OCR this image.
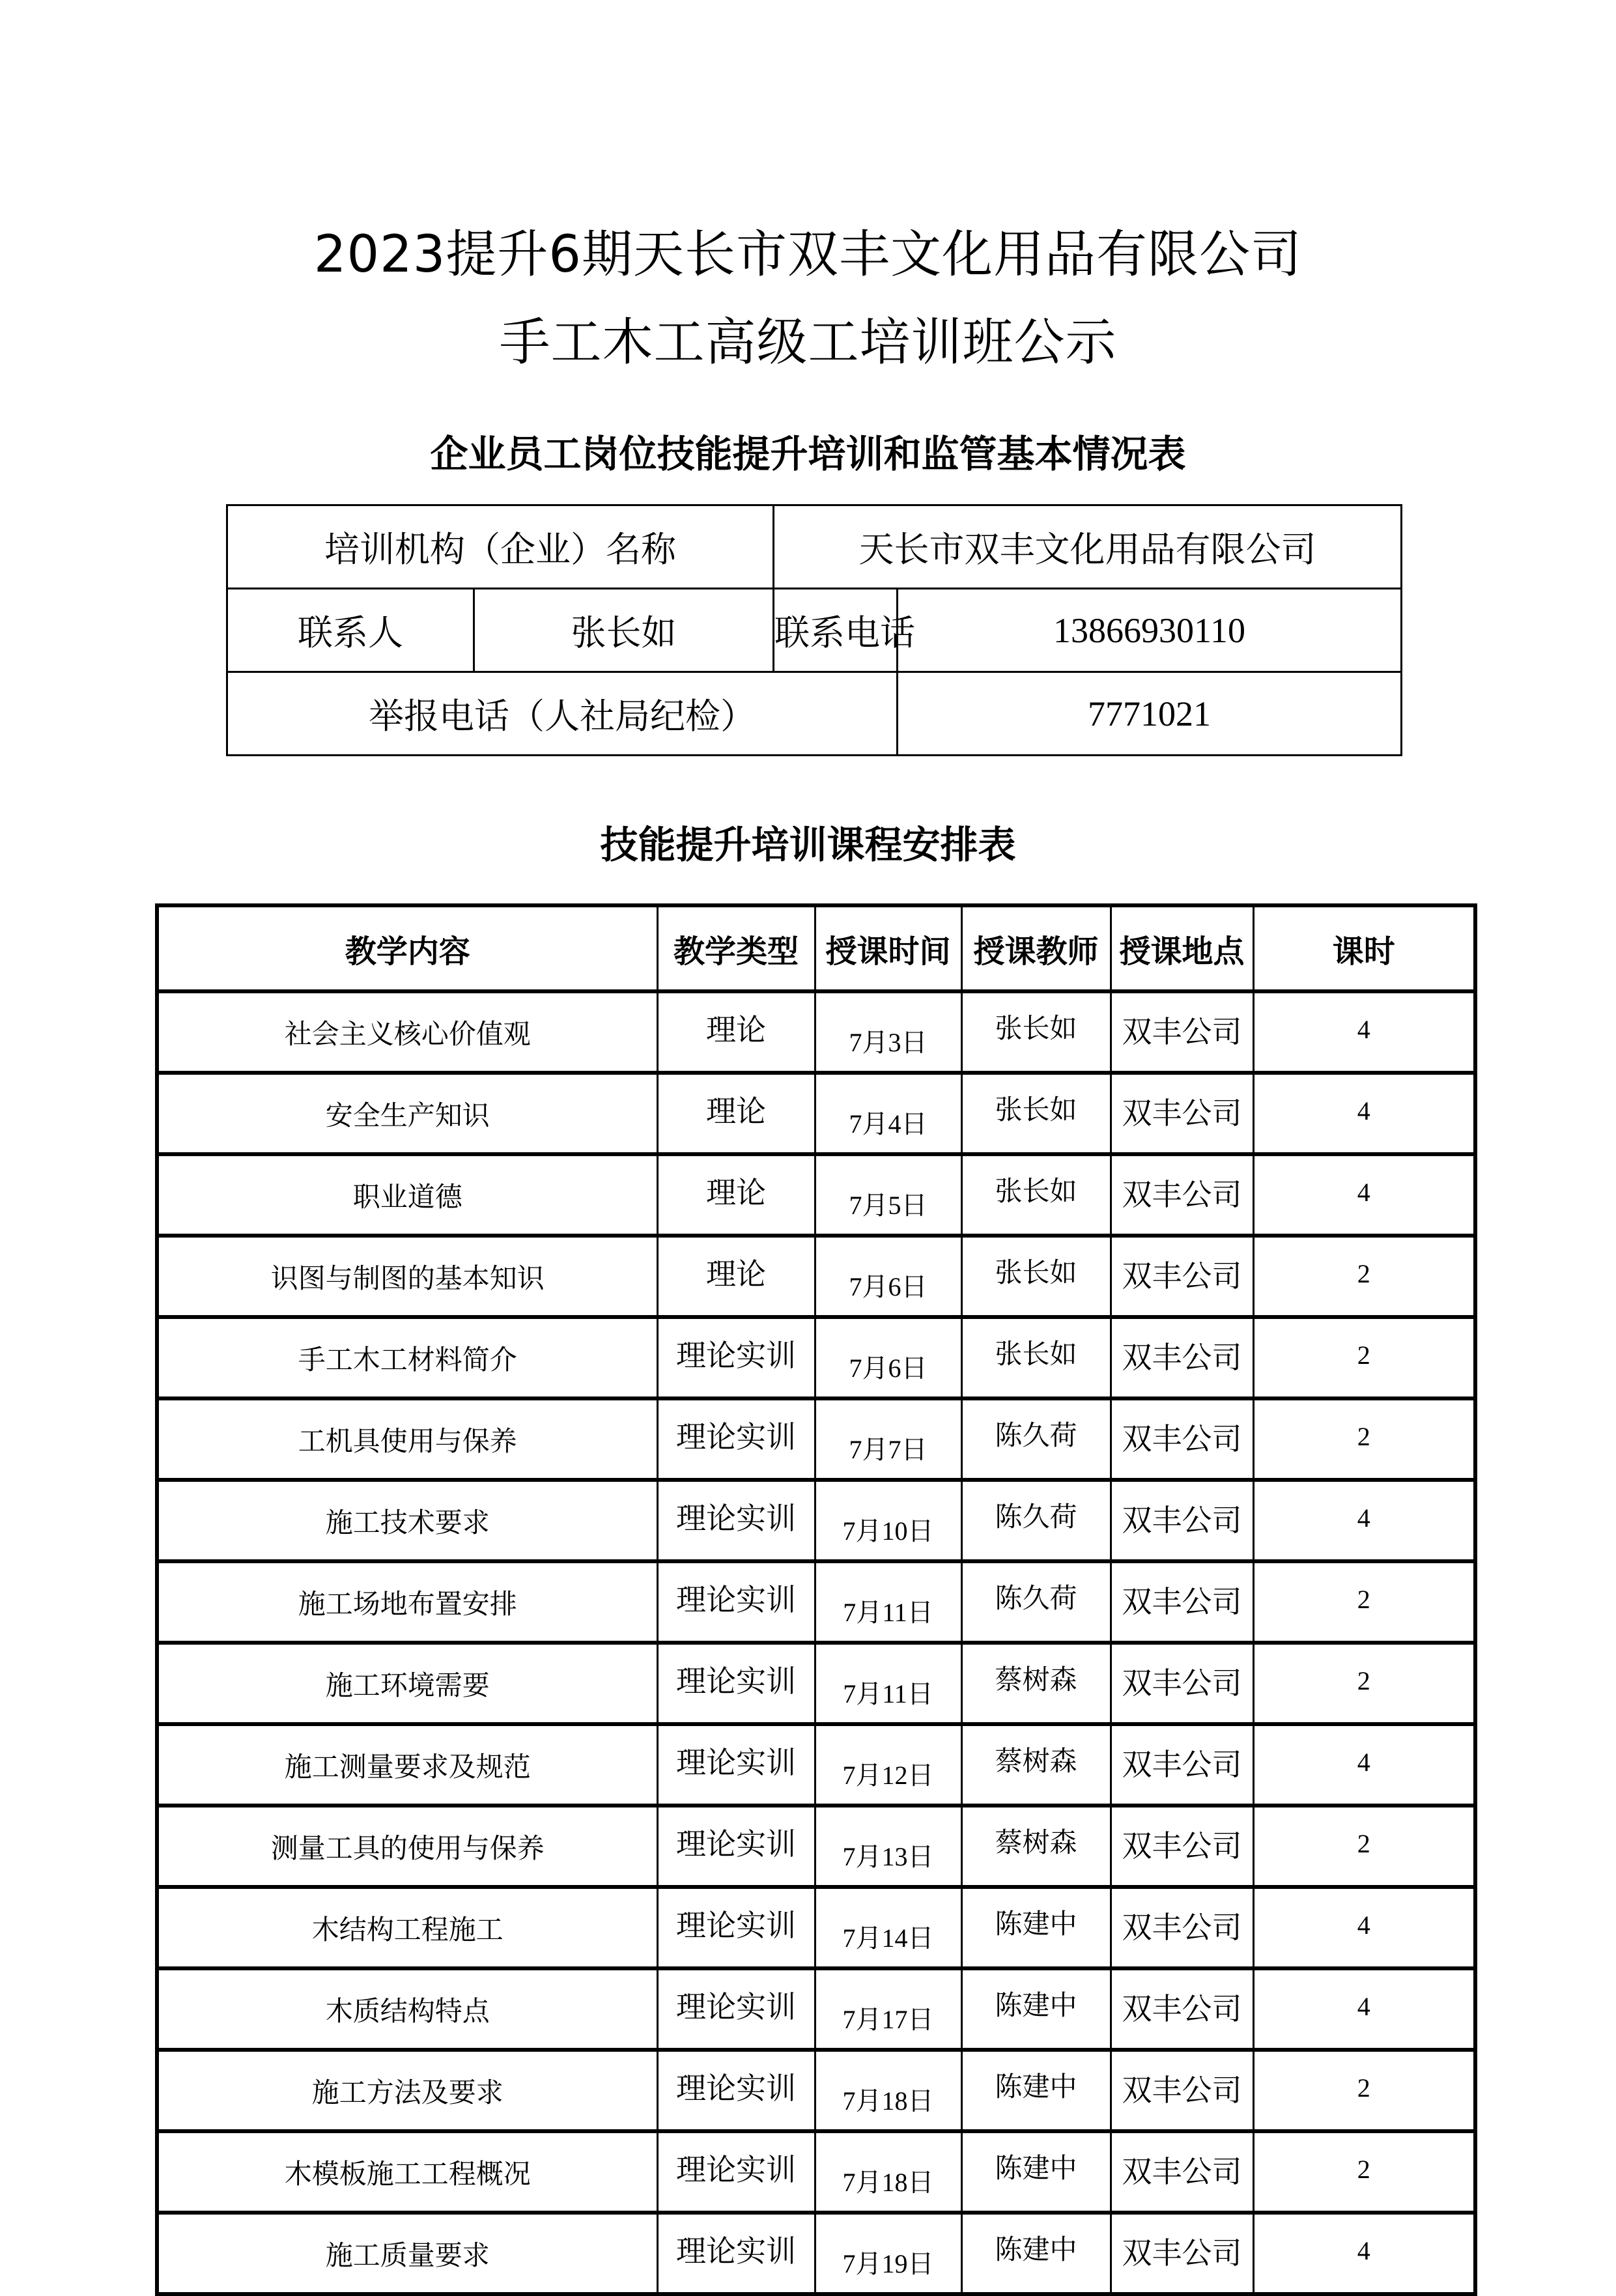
2023提升6期天长市双丰文化用品有限公司
手工木工高级工培训班公示
企业员工岗位技能提升培训和监管基本情况表
培训机构（企业）名称		天长市双丰文化用品有限公司	
联系人	张长如	联系电话	13866930110
举报电话（人社局纪检）			7771021
技能提升培训课程安排表
教学内容	教学类型	授课时间	授课教师	授课地点	课时
社会主义核心价值观	理论	7月3日	张长如	双丰公司	4
安全生产知识	理论	7月4日	张长如	双丰公司	4
职业道德	理论	7月5日	张长如	双丰公司	4
识图与制图的基本知识	理论	7月6日	张长如	双丰公司	2
手工木工材料简介	理论实训	7月6日	张长如	双丰公司	2
工机具使用与保养	理论实训	7月7日	陈久荷	双丰公司	2
施工技术要求	理论实训	7月10日	陈久荷	双丰公司	4
施工场地布置安排	理论实训	7月11日	陈久荷	双丰公司	2
施工环境需要	理论实训	7月11日	蔡树森	双丰公司	2
施工测量要求及规范	理论实训	7月12日	蔡树森	双丰公司	4
测量工具的使用与保养	理论实训	7月13日	蔡树森	双丰公司	2
木结构工程施工	理论实训	7月14日	陈建中	双丰公司	4
木质结构特点	理论实训	7月17日	陈建中	双丰公司	4
施工方法及要求	理论实训	7月18日	陈建中	双丰公司	2
木模板施工工程概况	理论实训	7月18日	陈建中	双丰公司	2
施工质量要求	理论实训	7月19日	陈建中	双丰公司	4
